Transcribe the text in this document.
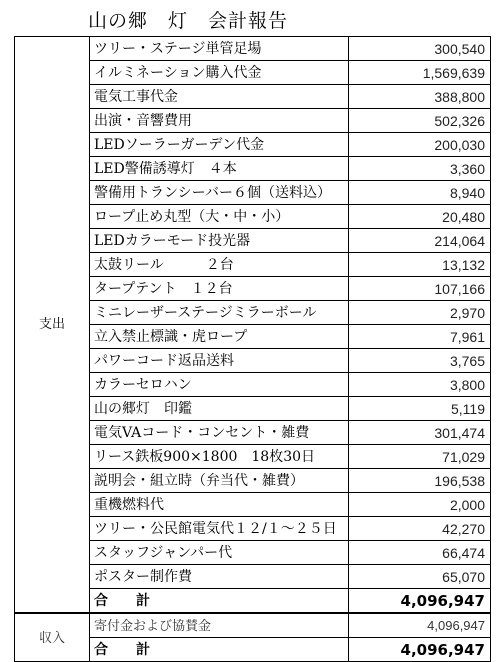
山の郷　灯　会計報告
支出	ツリー・ステージ単管足場	300,540
	イルミネーション購入代金	1,569,639
	電気工事代金	388,800
	出演・音響費用	502,326
	LEDソーラーガーデン代金	200,030
	LED警備誘導灯　４本	3,360
	警備用トランシーバー６個（送料込）	8,940
	ロープ止め丸型（大・中・小）	20,480
	LEDカラーモード投光器	214,064
	太鼓リール　　　２台	13,132
	タープテント　１２台	107,166
	ミニレーザーステージミラーボール	2,970
	立入禁止標識・虎ロープ	7,961
	パワーコード返品送料	3,765
	カラーセロハン	3,800
	山の郷灯　印鑑	5,119
	電気VAコード・コンセント・雑費	301,474
	リース鉄板900×1800　18枚30日	71,029
	説明会・組立時（弁当代・雑費）	196,538
	重機燃料代	2,000
	ツリー・公民館電気代１２/１～２５日	42,270
	スタッフジャンパー代	66,474
	ポスター制作費	65,070
	合　　計	4,096,947
収入	寄付金および協賛金	4,096,947
	合　　計	4,096,947
